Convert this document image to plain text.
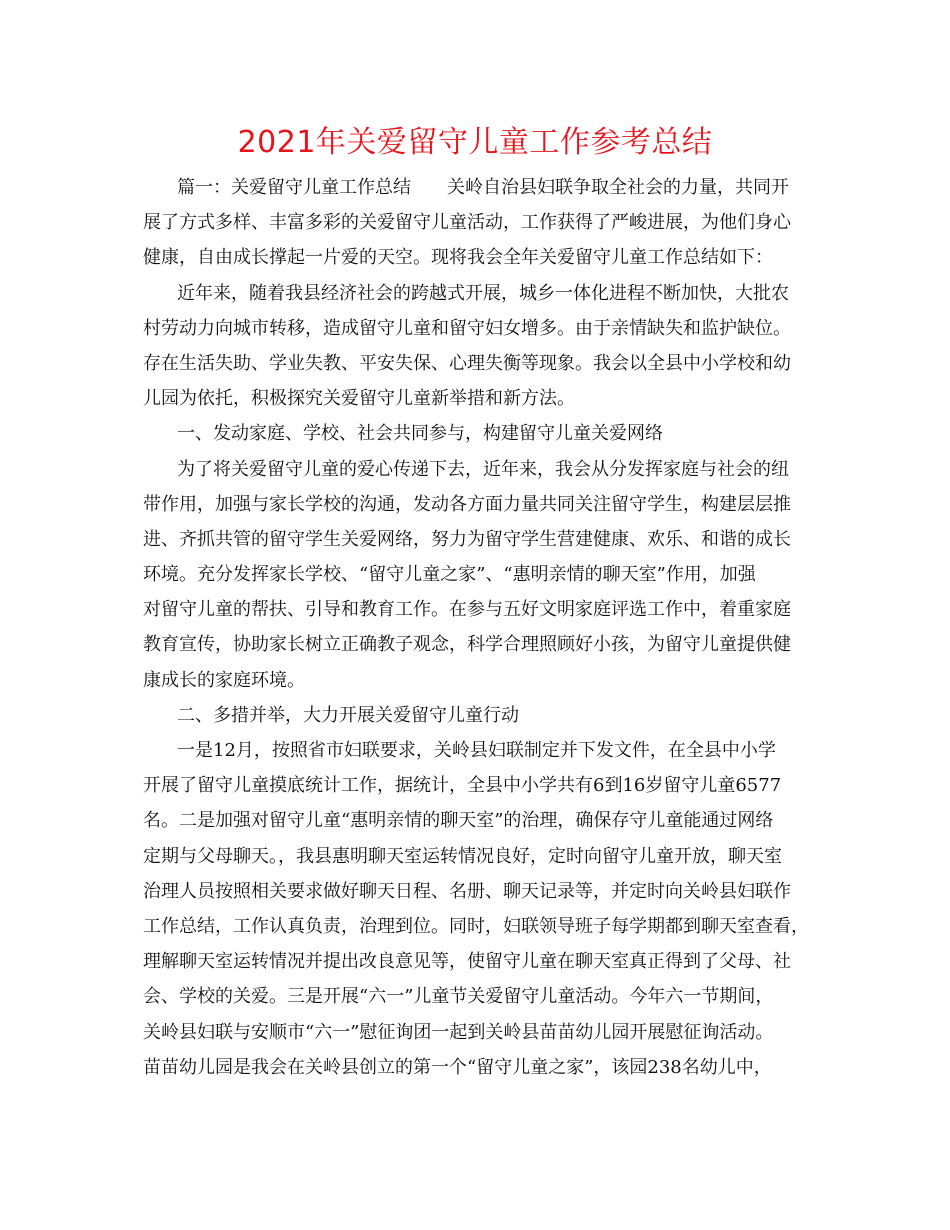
2021年关爱留守儿童工作参考总结
篇一：关爱留守儿童工作总结　　关岭自治县妇联争取全社会的力量，共同开
展了方式多样、丰富多彩的关爱留守儿童活动，工作获得了严峻进展，为他们身心
健康，自由成长撑起一片爱的天空。现将我会全年关爱留守儿童工作总结如下：
近年来，随着我县经济社会的跨越式开展，城乡一体化进程不断加快，大批农
村劳动力向城市转移，造成留守儿童和留守妇女增多。由于亲情缺失和监护缺位。
存在生活失助、学业失教、平安失保、心理失衡等现象。我会以全县中小学校和幼
儿园为依托，积极探究关爱留守儿童新举措和新方法。
一、发动家庭、学校、社会共同参与，构建留守儿童关爱网络
为了将关爱留守儿童的爱心传递下去，近年来，我会从分发挥家庭与社会的纽
带作用，加强与家长学校的沟通，发动各方面力量共同关注留守学生，构建层层推
进、齐抓共管的留守学生关爱网络，努力为留守学生营建健康、欢乐、和谐的成长
环境。充分发挥家长学校、“留守儿童之家”、“惠明亲情的聊天室”作用，加强
对留守儿童的帮扶、引导和教育工作。在参与五好文明家庭评选工作中，着重家庭
教育宣传，协助家长树立正确教子观念，科学合理照顾好小孩，为留守儿童提供健
康成长的家庭环境。
二、多措并举，大力开展关爱留守儿童行动
一是12月，按照省市妇联要求，关岭县妇联制定并下发文件，在全县中小学
开展了留守儿童摸底统计工作，据统计，全县中小学共有6到16岁留守儿童6577
名。二是加强对留守儿童“惠明亲情的聊天室”的治理，确保存守儿童能通过网络
定期与父母聊天。，我县惠明聊天室运转情况良好，定时向留守儿童开放，聊天室
治理人员按照相关要求做好聊天日程、名册、聊天记录等，并定时向关岭县妇联作
工作总结，工作认真负责，治理到位。同时，妇联领导班子每学期都到聊天室查看，
理解聊天室运转情况并提出改良意见等，使留守儿童在聊天室真正得到了父母、社
会、学校的关爱。三是开展“六一”儿童节关爱留守儿童活动。今年六一节期间，
关岭县妇联与安顺市“六一”慰征询团一起到关岭县苗苗幼儿园开展慰征询活动。
苗苗幼儿园是我会在关岭县创立的第一个“留守儿童之家”，该园238名幼儿中，
